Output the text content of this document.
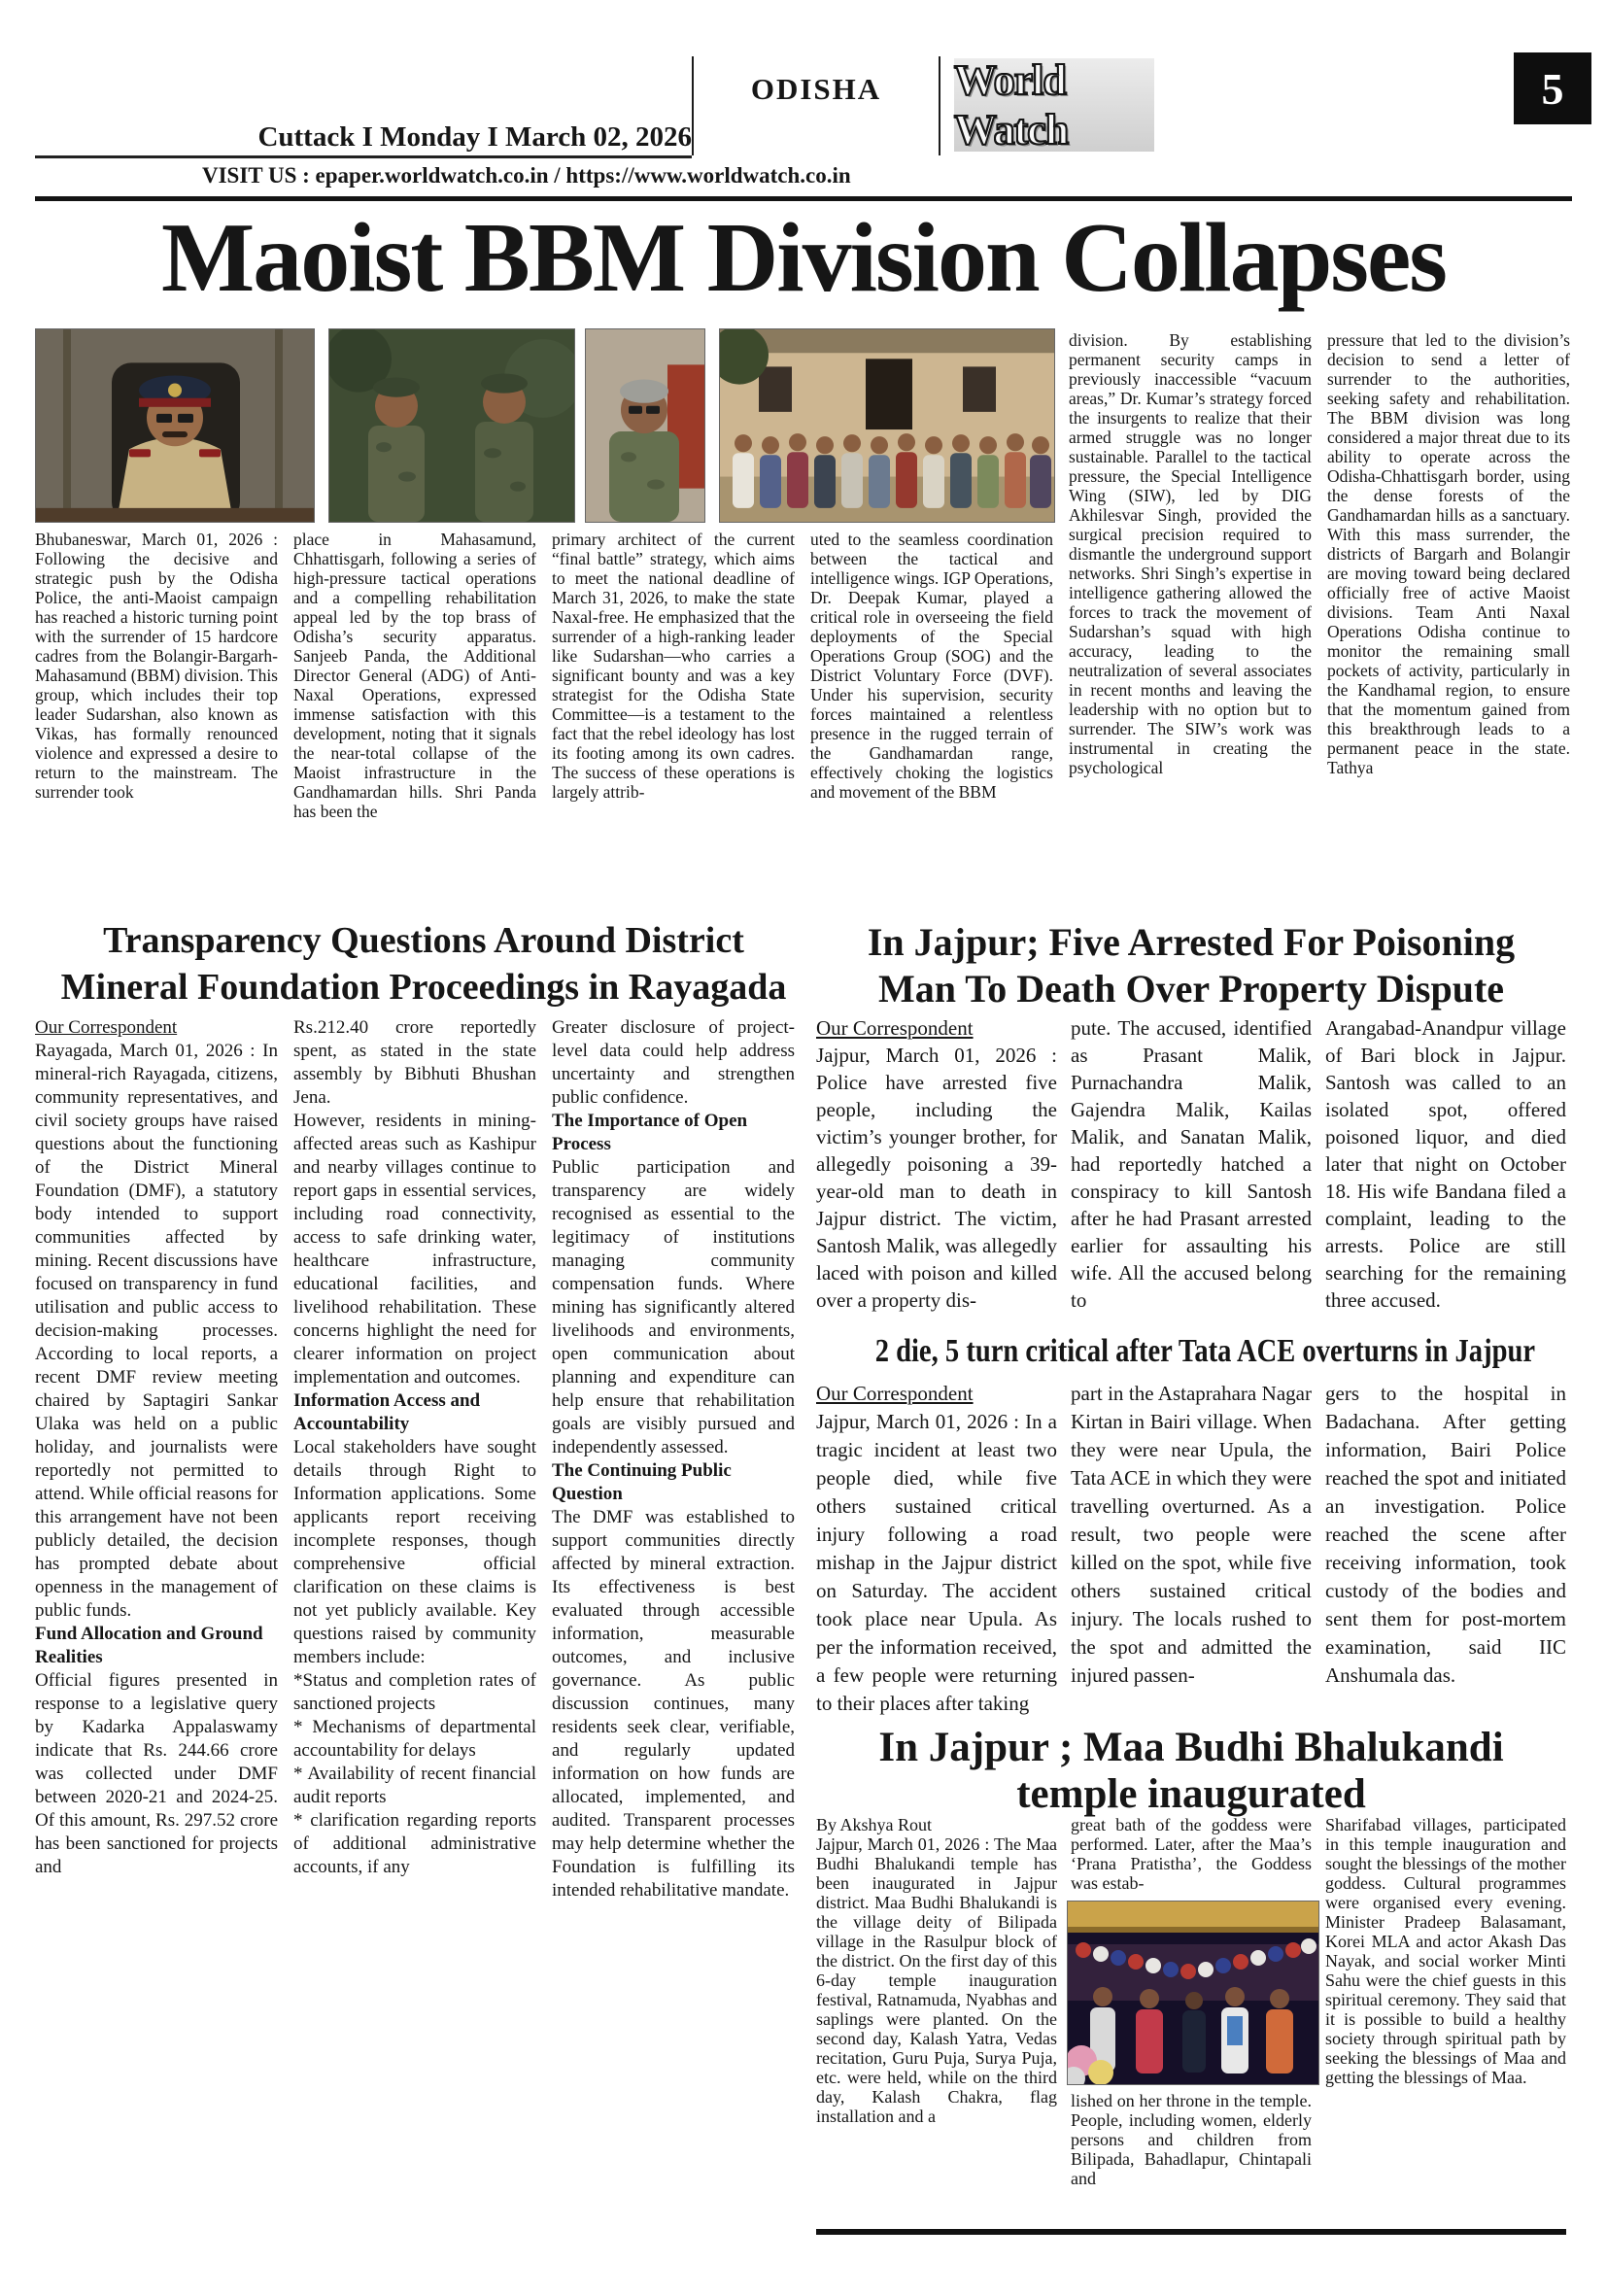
Cuttack I Monday I March 02, 2026
ODISHA	World Watch
5
VISIT US : epaper.worldwatch.co.in / https://www.worldwatch.co.in
Maoist BBM Division Collapses

Bhubaneswar, March 01, 2026 : Following the decisive and strategic push by the Odisha Police, the anti-Maoist campaign has reached a historic turning point with the surrender of 15 hardcore cadres from the Bolangir-Bargarh-Mahasamund (BBM) division. This group, which includes their top leader Sudarshan, also known as Vikas, has formally renounced violence and expressed a desire to return to the mainstream. The surrender took

place in Mahasamund, Chhattisgarh, following a series of high-pressure tactical operations and a compelling rehabilitation appeal led by the top brass of Odisha’s security apparatus. Sanjeeb Panda, the Additional Director General (ADG) of Anti-Naxal Operations, expressed immense satisfaction with this development, noting that it signals the near-total collapse of the Maoist infrastructure in the Gandhamardan hills. Shri Panda has been the

primary architect of the current “final battle” strategy, which aims to meet the national deadline of March 31, 2026, to make the state Naxal-free. He emphasized that the surrender of a high-ranking leader like Sudarshan—who carries a significant bounty and was a key strategist for the Odisha State Committee—is a testament to the fact that the rebel ideology has lost its footing among its own cadres. The success of these operations is largely attrib-

uted to the seamless coordination between the tactical and intelligence wings. IGP Operations, Dr. Deepak Kumar, played a critical role in overseeing the field deployments of the Special Operations Group (SOG) and the District Voluntary Force (DVF). Under his supervision, security forces maintained a relentless presence in the rugged terrain of the Gandhamardan range, effectively choking the logistics and movement of the BBM

division. By establishing permanent security camps in previously inaccessible “vacuum areas,” Dr. Kumar’s strategy forced the insurgents to realize that their armed struggle was no longer sustainable. Parallel to the tactical pressure, the Special Intelligence Wing (SIW), led by DIG Akhilesvar Singh, provided the surgical precision required to dismantle the underground support networks. Shri Singh’s expertise in intelligence gathering allowed the forces to track the movement of Sudarshan’s squad with high accuracy, leading to the neutralization of several associates in recent months and leaving the leadership with no option but to surrender. The SIW’s work was instrumental in creating the psychological

pressure that led to the division’s decision to send a letter of surrender to the authorities, seeking safety and rehabilitation. The BBM division was long considered a major threat due to its ability to operate across the Odisha-Chhattisgarh border, using the dense forests of the Gandhamardan hills as a sanctuary. With this mass surrender, the districts of Bargarh and Bolangir are moving toward being declared officially free of active Maoist divisions. Team Anti Naxal Operations Odisha continue to monitor the remaining small pockets of activity, particularly in the Kandhamal region, to ensure that the momentum gained from this breakthrough leads to a permanent peace in the state. Tathya

Transparency Questions Around District
Mineral Foundation Proceedings in Rayagada

Our Correspondent

Rayagada, March 01, 2026 : In mineral-rich Rayagada, citizens, community representatives, and civil society groups have raised questions about the functioning of the District Mineral Foundation (DMF), a statutory body intended to support communities affected by mining. Recent discussions have focused on transparency in fund utilisation and public access to decision-making processes. According to local reports, a recent DMF review meeting chaired by Saptagiri Sankar Ulaka was held on a public holiday, and journalists were reportedly not permitted to attend. While official reasons for this arrangement have not been publicly detailed, the decision has prompted debate about openness in the management of public funds.

Fund Allocation and Ground Realities

Official figures presented in response to a legislative query by Kadarka Appalaswamy indicate that Rs. 244.66 crore was collected under DMF between 2020-21 and 2024-25. Of this amount, Rs. 297.52 crore has been sanctioned for projects and

Rs.212.40 crore reportedly spent, as stated in the state assembly by Bibhuti Bhushan Jena.

However, residents in mining-affected areas such as Kashipur and nearby villages continue to report gaps in essential services, including road connectivity, access to safe drinking water, healthcare infrastructure, educational facilities, and livelihood rehabilitation. These concerns highlight the need for clearer information on project implementation and outcomes.

Information Access and Accountability

Local stakeholders have sought details through Right to Information applications. Some applicants report receiving incomplete responses, though comprehensive official clarification on these claims is not yet publicly available. Key questions raised by community members include:

*Status and completion rates of sanctioned projects

* Mechanisms of departmental accountability for delays

* Availability of recent financial audit reports

* clarification regarding reports of additional administrative accounts, if any

Greater disclosure of project-level data could help address uncertainty and strengthen public confidence.

The Importance of Open Process

Public participation and transparency are widely recognised as essential to the legitimacy of institutions managing community compensation funds. Where mining has significantly altered livelihoods and environments, open communication about planning and expenditure can help ensure that rehabilitation goals are visibly pursued and independently assessed.

The Continuing Public Question

The DMF was established to support communities directly affected by mineral extraction. Its effectiveness is best evaluated through accessible information, measurable outcomes, and inclusive governance. As public discussion continues, many residents seek clear, verifiable, and regularly updated information on how funds are allocated, implemented, and audited. Transparent processes may help determine whether the Foundation is fulfilling its intended rehabilitative mandate.

In Jajpur; Five Arrested For Poisoning
Man To Death Over Property Dispute

Our Correspondent

Jajpur, March 01, 2026 : Police have arrested five people, including the victim’s younger brother, for allegedly poisoning a 39-year-old man to death in Jajpur district. The victim, Santosh Malik, was allegedly laced with poison and killed over a property dis-

pute. The accused, identified as Prasant Malik, Purnachandra Malik, Gajendra Malik, Kailas Malik, and Sanatan Malik, had reportedly hatched a conspiracy to kill Santosh after he had Prasant arrested earlier for assaulting his wife. All the accused belong to

Arangabad-Anandpur village of Bari block in Jajpur. Santosh was called to an isolated spot, offered poisoned liquor, and died later that night on October 18. His wife Bandana filed a complaint, leading to the arrests. Police are still searching for the remaining three accused.

2 die, 5 turn critical after Tata ACE overturns in Jajpur

Our Correspondent

Jajpur, March 01, 2026 : In a tragic incident at least two people died, while five others sustained critical injury following a road mishap in the Jajpur district on Saturday. The accident took place near Upula. As per the information received, a few people were returning to their places after taking

part in the Astaprahara Nagar Kirtan in Bairi village. When they were near Upula, the Tata ACE in which they were travelling overturned. As a result, two people were killed on the spot, while five others sustained critical injury. The locals rushed to the spot and admitted the injured passen-

gers to the hospital in Badachana. After getting information, Bairi Police reached the spot and initiated an investigation. Police reached the scene after receiving information, took custody of the bodies and sent them for post-mortem examination, said IIC Anshumala das.

In Jajpur ; Maa Budhi Bhalukandi
temple inaugurated

By Akshya Rout

Jajpur, March 01, 2026 : The Maa Budhi Bhalukandi temple has been inaugurated in Jajpur district. Maa Budhi Bhalukandi is the village deity of Bilipada village in the Rasulpur block of the district. On the first day of this 6-day temple inauguration festival, Ratnamuda, Nyabhas and saplings were planted. On the second day, Kalash Yatra, Vedas recitation, Guru Puja, Surya Puja, etc. were held, while on the third day, Kalash Chakra, flag installation and a

great bath of the goddess were performed. Later, after the Maa’s ‘Prana Pratistha’, the Goddess was estab-

lished on her throne in the temple. People, including women, elderly persons and children from Bilipada, Bahadlapur, Chintapali and

Sharifabad villages, participated in this temple inauguration and sought the blessings of the mother goddess. Cultural programmes were organised every evening. Minister Pradeep Balasamant, Korei MLA and actor Akash Das Nayak, and social worker Minti Sahu were the chief guests in this spiritual ceremony. They said that it is possible to build a healthy society through spiritual path by seeking the blessings of Maa and getting the blessings of Maa.
